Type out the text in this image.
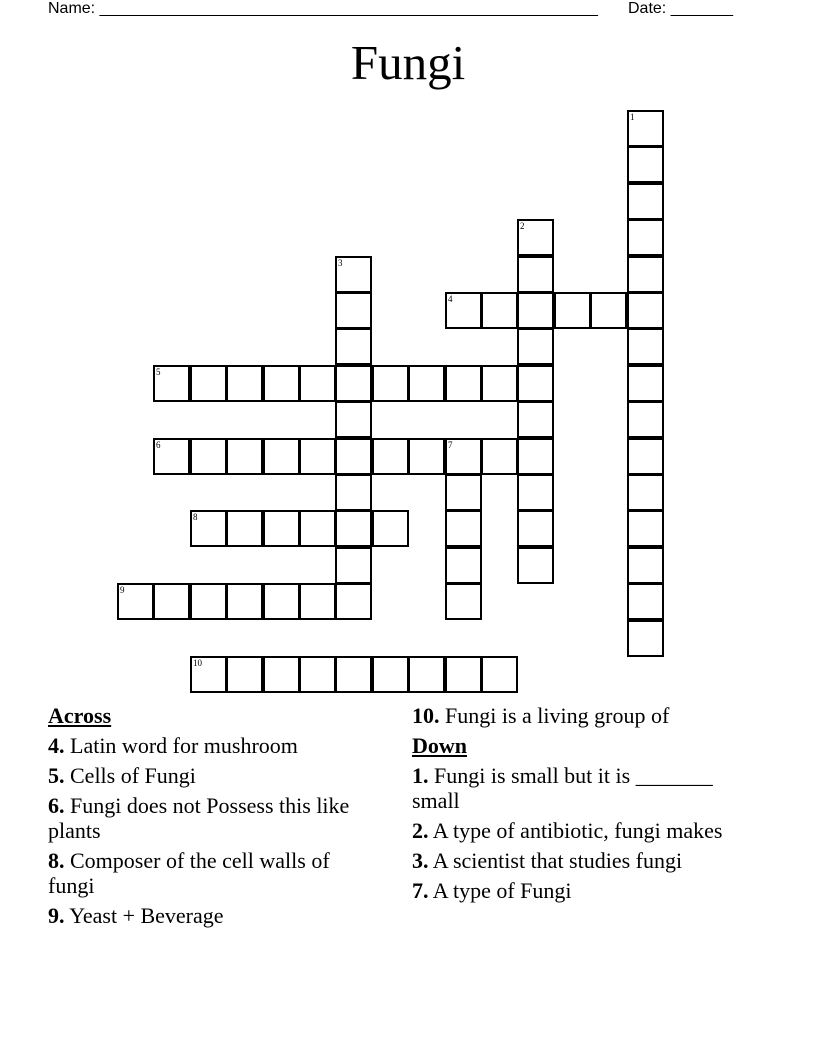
Name: ________________________________________________________ Date: _______
Fungi
1
2
3
4
5
6	7
8
9
10
Across
4. Latin word for mushroom
5. Cells of Fungi
6. Fungi does not Possess this like plants
8. Composer of the cell walls of fungi
9. Yeast + Beverage
10. Fungi is a living group of
Down
1. Fungi is small but it is _______ small
2. A type of antibiotic, fungi makes
3. A scientist that studies fungi
7. A type of Fungi
